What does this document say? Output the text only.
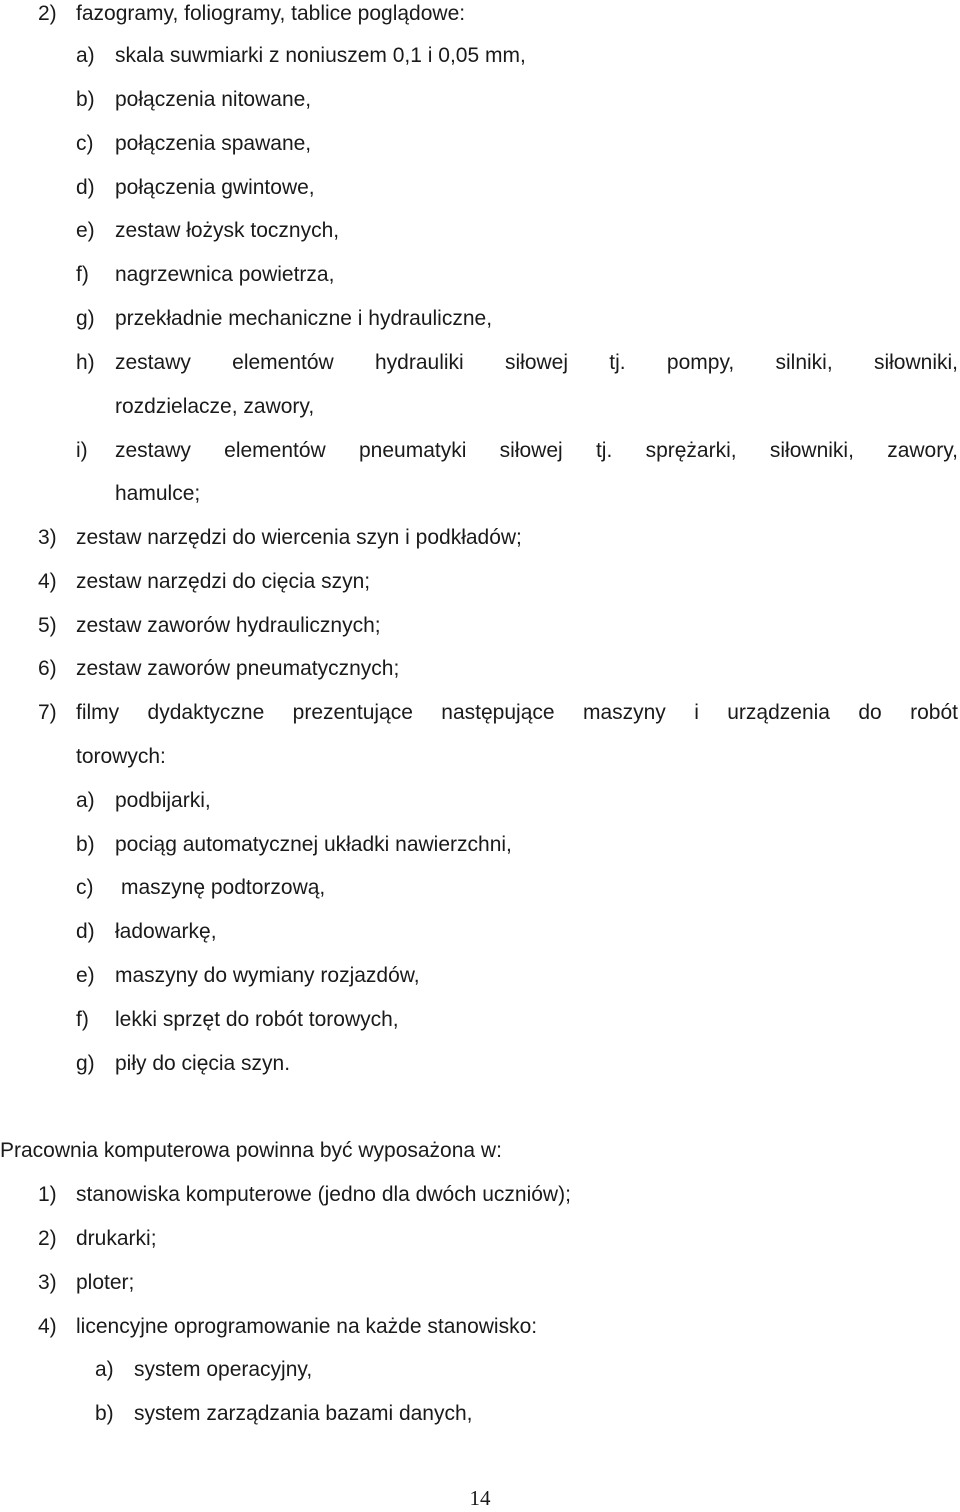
2) fazogramy, foliogramy, tablice poglądowe:
a) skala suwmiarki z noniuszem 0,1 i 0,05 mm,
b) połączenia nitowane,
c) połączenia spawane,
d) połączenia gwintowe,
e) zestaw łożysk tocznych,
f) nagrzewnica powietrza,
g) przekładnie mechaniczne i hydrauliczne,
h) zestawy elementów hydrauliki siłowej tj. pompy, silniki, siłowniki,
rozdzielacze, zawory,
i) zestawy elementów pneumatyki siłowej tj. sprężarki, siłowniki, zawory,
hamulce;
3) zestaw narzędzi do wiercenia szyn i podkładów;
4) zestaw narzędzi do cięcia szyn;
5) zestaw zaworów hydraulicznych;
6) zestaw zaworów pneumatycznych;
7) filmy dydaktyczne prezentujące następujące maszyny i urządzenia do robót
torowych:
a) podbijarki,
b) pociąg automatycznej układki nawierzchni,
c) maszynę podtorzową,
d) ładowarkę,
e) maszyny do wymiany rozjazdów,
f) lekki sprzęt do robót torowych,
g) piły do cięcia szyn.
Pracownia komputerowa powinna być wyposażona w:
1) stanowiska komputerowe (jedno dla dwóch uczniów);
2) drukarki;
3) ploter;
4) licencyjne oprogramowanie na każde stanowisko:
a) system operacyjny,
b) system zarządzania bazami danych,
14
